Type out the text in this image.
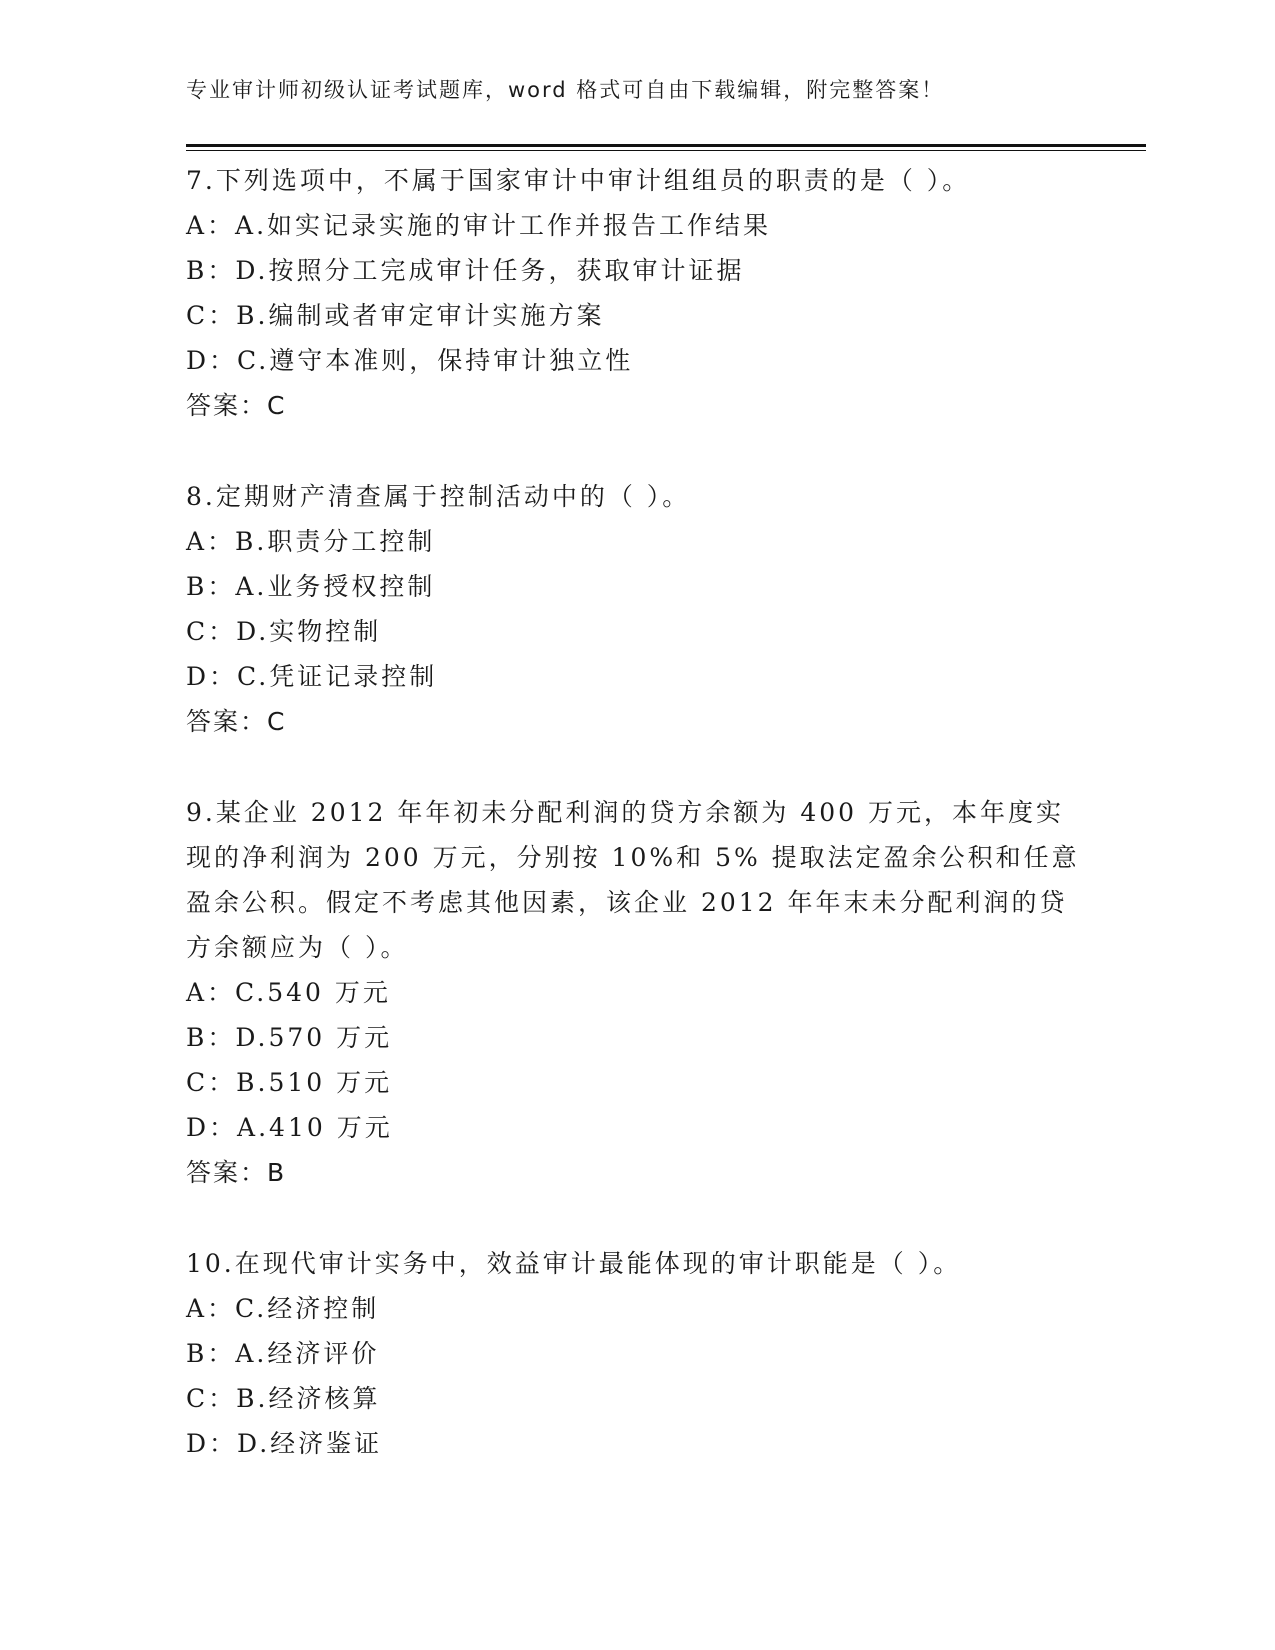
专业审计师初级认证考试题库，word 格式可自由下载编辑，附完整答案！

7.下列选项中，不属于国家审计中审计组组员的职责的是（ ）。

A：A.如实记录实施的审计工作并报告工作结果

B：D.按照分工完成审计任务，获取审计证据

C：B.编制或者审定审计实施方案

D：C.遵守本准则，保持审计独立性

答案：C

8.定期财产清查属于控制活动中的（ ）。

A：B.职责分工控制

B：A.业务授权控制

C：D.实物控制

D：C.凭证记录控制

答案：C

9.某企业 2012 年年初未分配利润的贷方余额为 400 万元，本年度实现的净利润为 200 万元，分别按 10%和 5% 提取法定盈余公积和任意盈余公积。假定不考虑其他因素，该企业 2012 年年末未分配利润的贷方余额应为（ ）。

A：C.540 万元

B：D.570 万元

C：B.510 万元

D：A.410 万元

答案：B

10.在现代审计实务中，效益审计最能体现的审计职能是（ ）。

A：C.经济控制

B：A.经济评价

C：B.经济核算

D：D.经济鉴证
